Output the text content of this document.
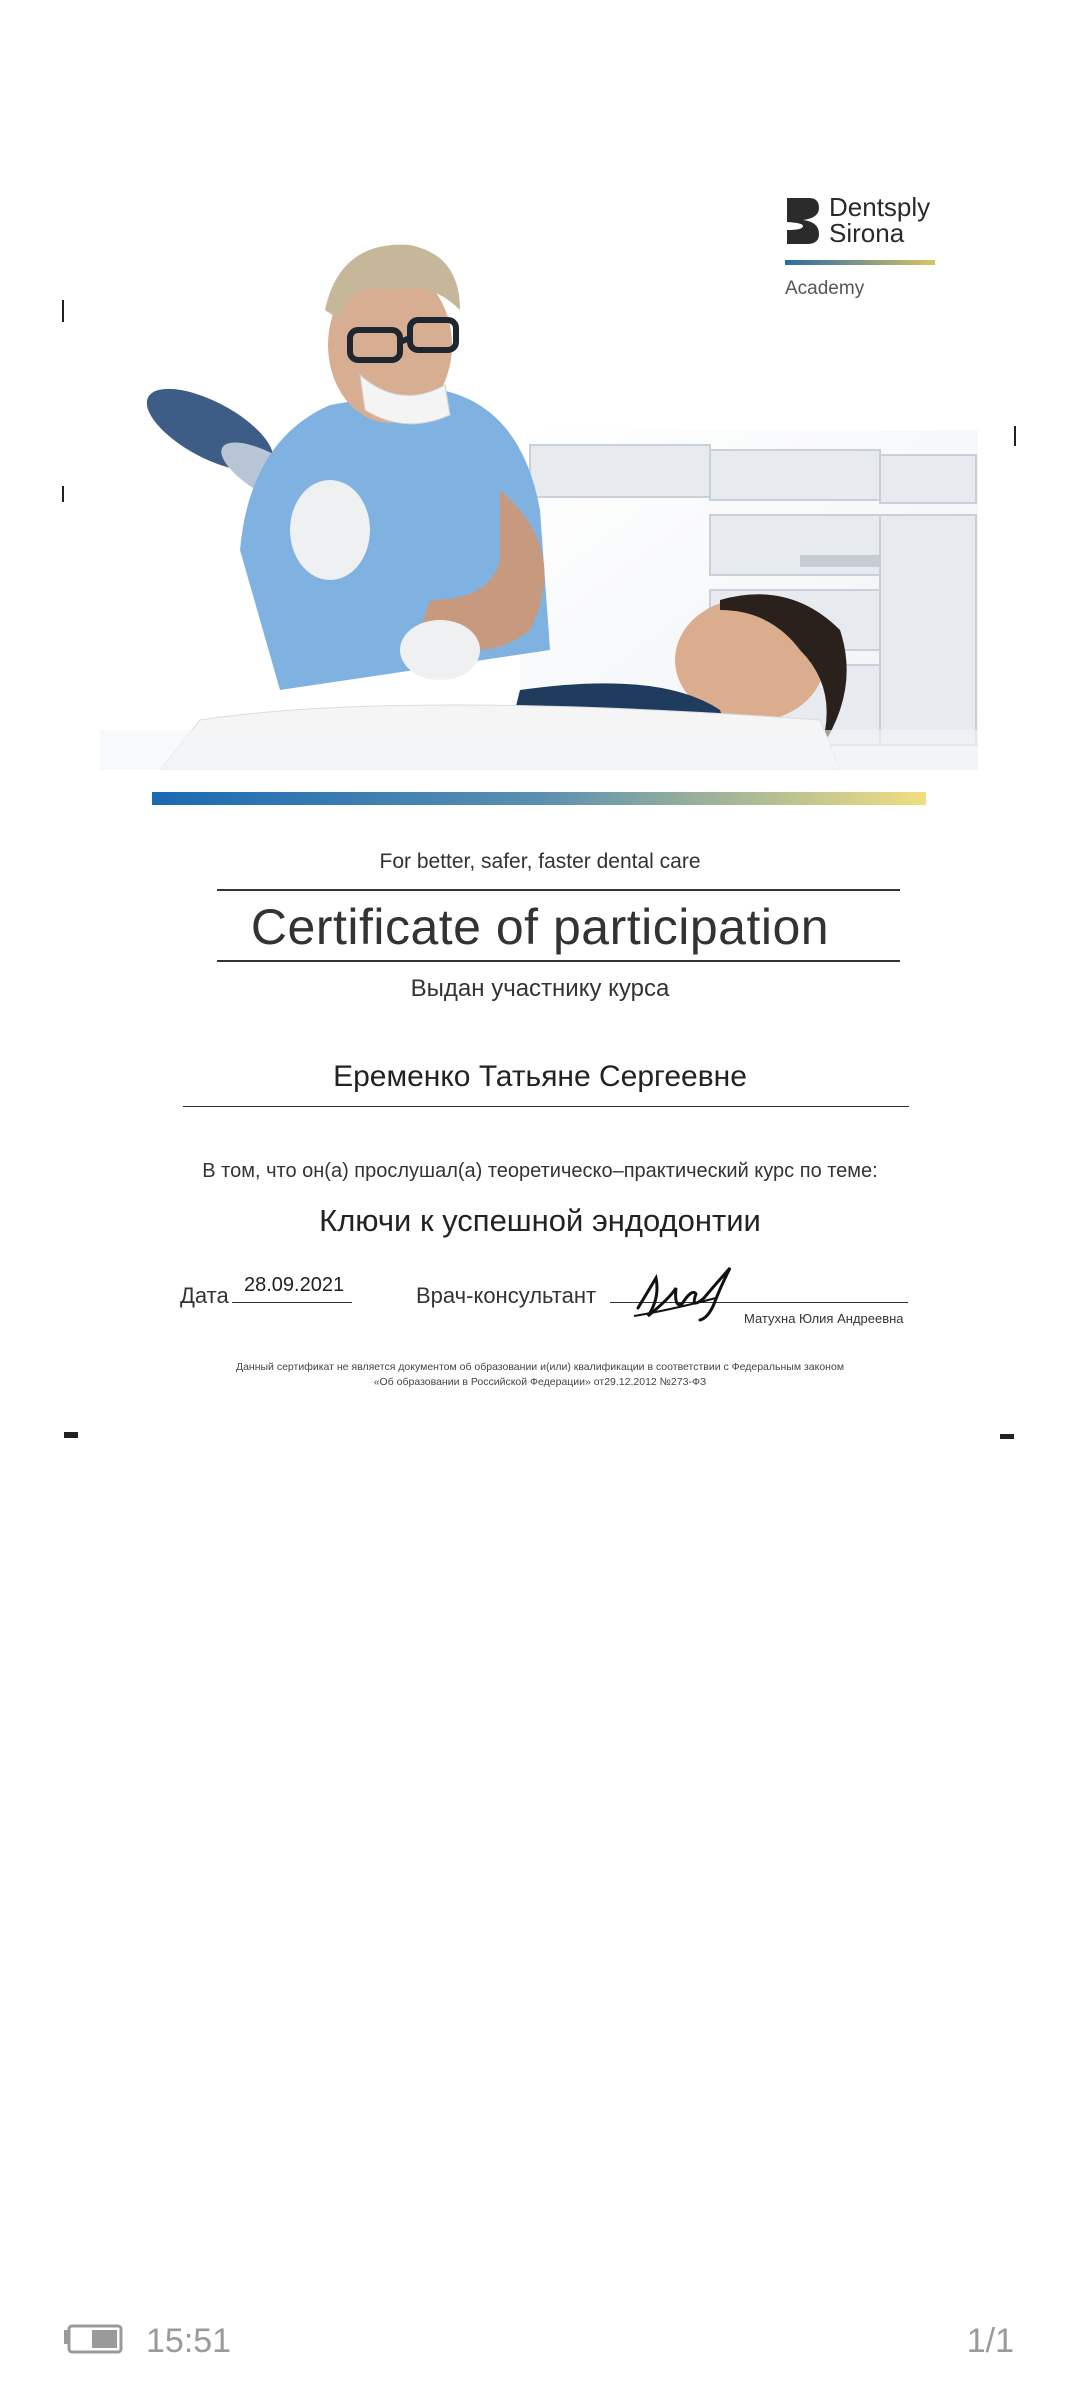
Dentsply
Sirona
Academy
For better, safer, faster dental care
Certificate of participation
Выдан участнику курса
Еременко Татьяне Сергеевне
В том, что он(а) прослушал(а) теоретическо–практический курс по теме:
Ключи к успешной эндодонтии
Дата 28.09.2021	Врач-консультант
Матухна Юлия Андреевна
Данный сертификат не является документом об образовании и(или) квалификации в соответствии с Федеральным законом
«Об образовании в Российской Федерации» от29.12.2012 №273-ФЗ
15:51	1/1
